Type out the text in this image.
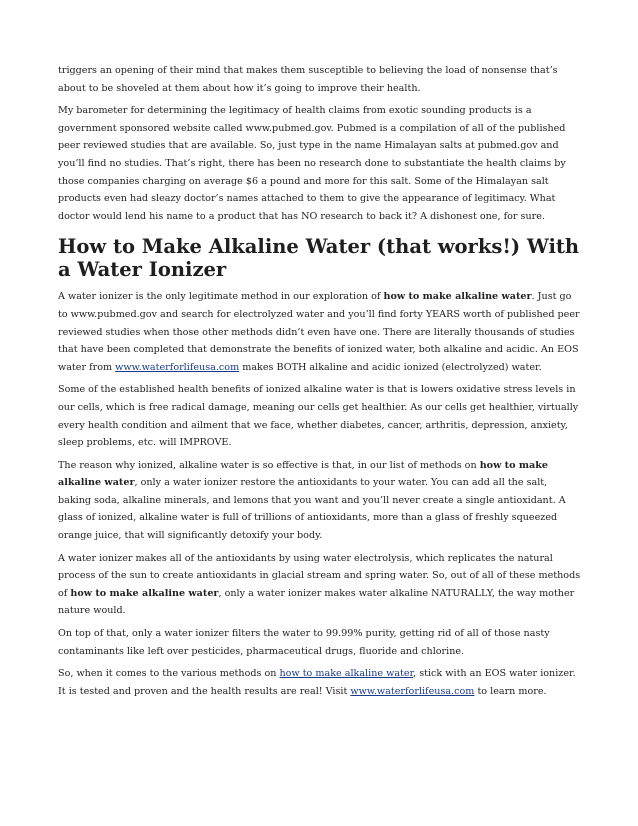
triggers an opening of their mind that makes them susceptible to believing the load of nonsense that’s about to be shoveled at them about how it’s going to improve their health.

My barometer for determining the legitimacy of health claims from exotic sounding products is a government sponsored website called www.pubmed.gov. Pubmed is a compilation of all of the published peer reviewed studies that are available. So, just type in the name Himalayan salts at pubmed.gov and you’ll find no studies. That’s right, there has been no research done to substantiate the health claims by those companies charging on average $6 a pound and more for this salt. Some of the Himalayan salt products even had sleazy doctor’s names attached to them to give the appearance of legitimacy. What doctor would lend his name to a product that has NO research to back it? A dishonest one, for sure.

How to Make Alkaline Water (that works!) With a Water Ionizer

A water ionizer is the only legitimate method in our exploration of how to make alkaline water. Just go to www.pubmed.gov and search for electrolyzed water and you’ll find forty YEARS worth of published peer reviewed studies when those other methods didn’t even have one. There are literally thousands of studies that have been completed that demonstrate the benefits of ionized water, both alkaline and acidic. An EOS water from www.waterforlifeusa.com makes BOTH alkaline and acidic ionized (electrolyzed) water.

Some of the established health benefits of ionized alkaline water is that is lowers oxidative stress levels in our cells, which is free radical damage, meaning our cells get healthier. As our cells get healthier, virtually every health condition and ailment that we face, whether diabetes, cancer, arthritis, depression, anxiety, sleep problems, etc. will IMPROVE.

The reason why ionized, alkaline water is so effective is that, in our list of methods on how to make alkaline water, only a water ionizer restore the antioxidants to your water. You can add all the salt, baking soda, alkaline minerals, and lemons that you want and you’ll never create a single antioxidant. A glass of ionized, alkaline water is full of trillions of antioxidants, more than a glass of freshly squeezed orange juice, that will significantly detoxify your body.

A water ionizer makes all of the antioxidants by using water electrolysis, which replicates the natural process of the sun to create antioxidants in glacial stream and spring water. So, out of all of these methods of how to make alkaline water, only a water ionizer makes water alkaline NATURALLY, the way mother nature would.

On top of that, only a water ionizer filters the water to 99.99% purity, getting rid of all of those nasty contaminants like left over pesticides, pharmaceutical drugs, fluoride and chlorine.

So, when it comes to the various methods on how to make alkaline water, stick with an EOS water ionizer. It is tested and proven and the health results are real! Visit www.waterforlifeusa.com to learn more.
